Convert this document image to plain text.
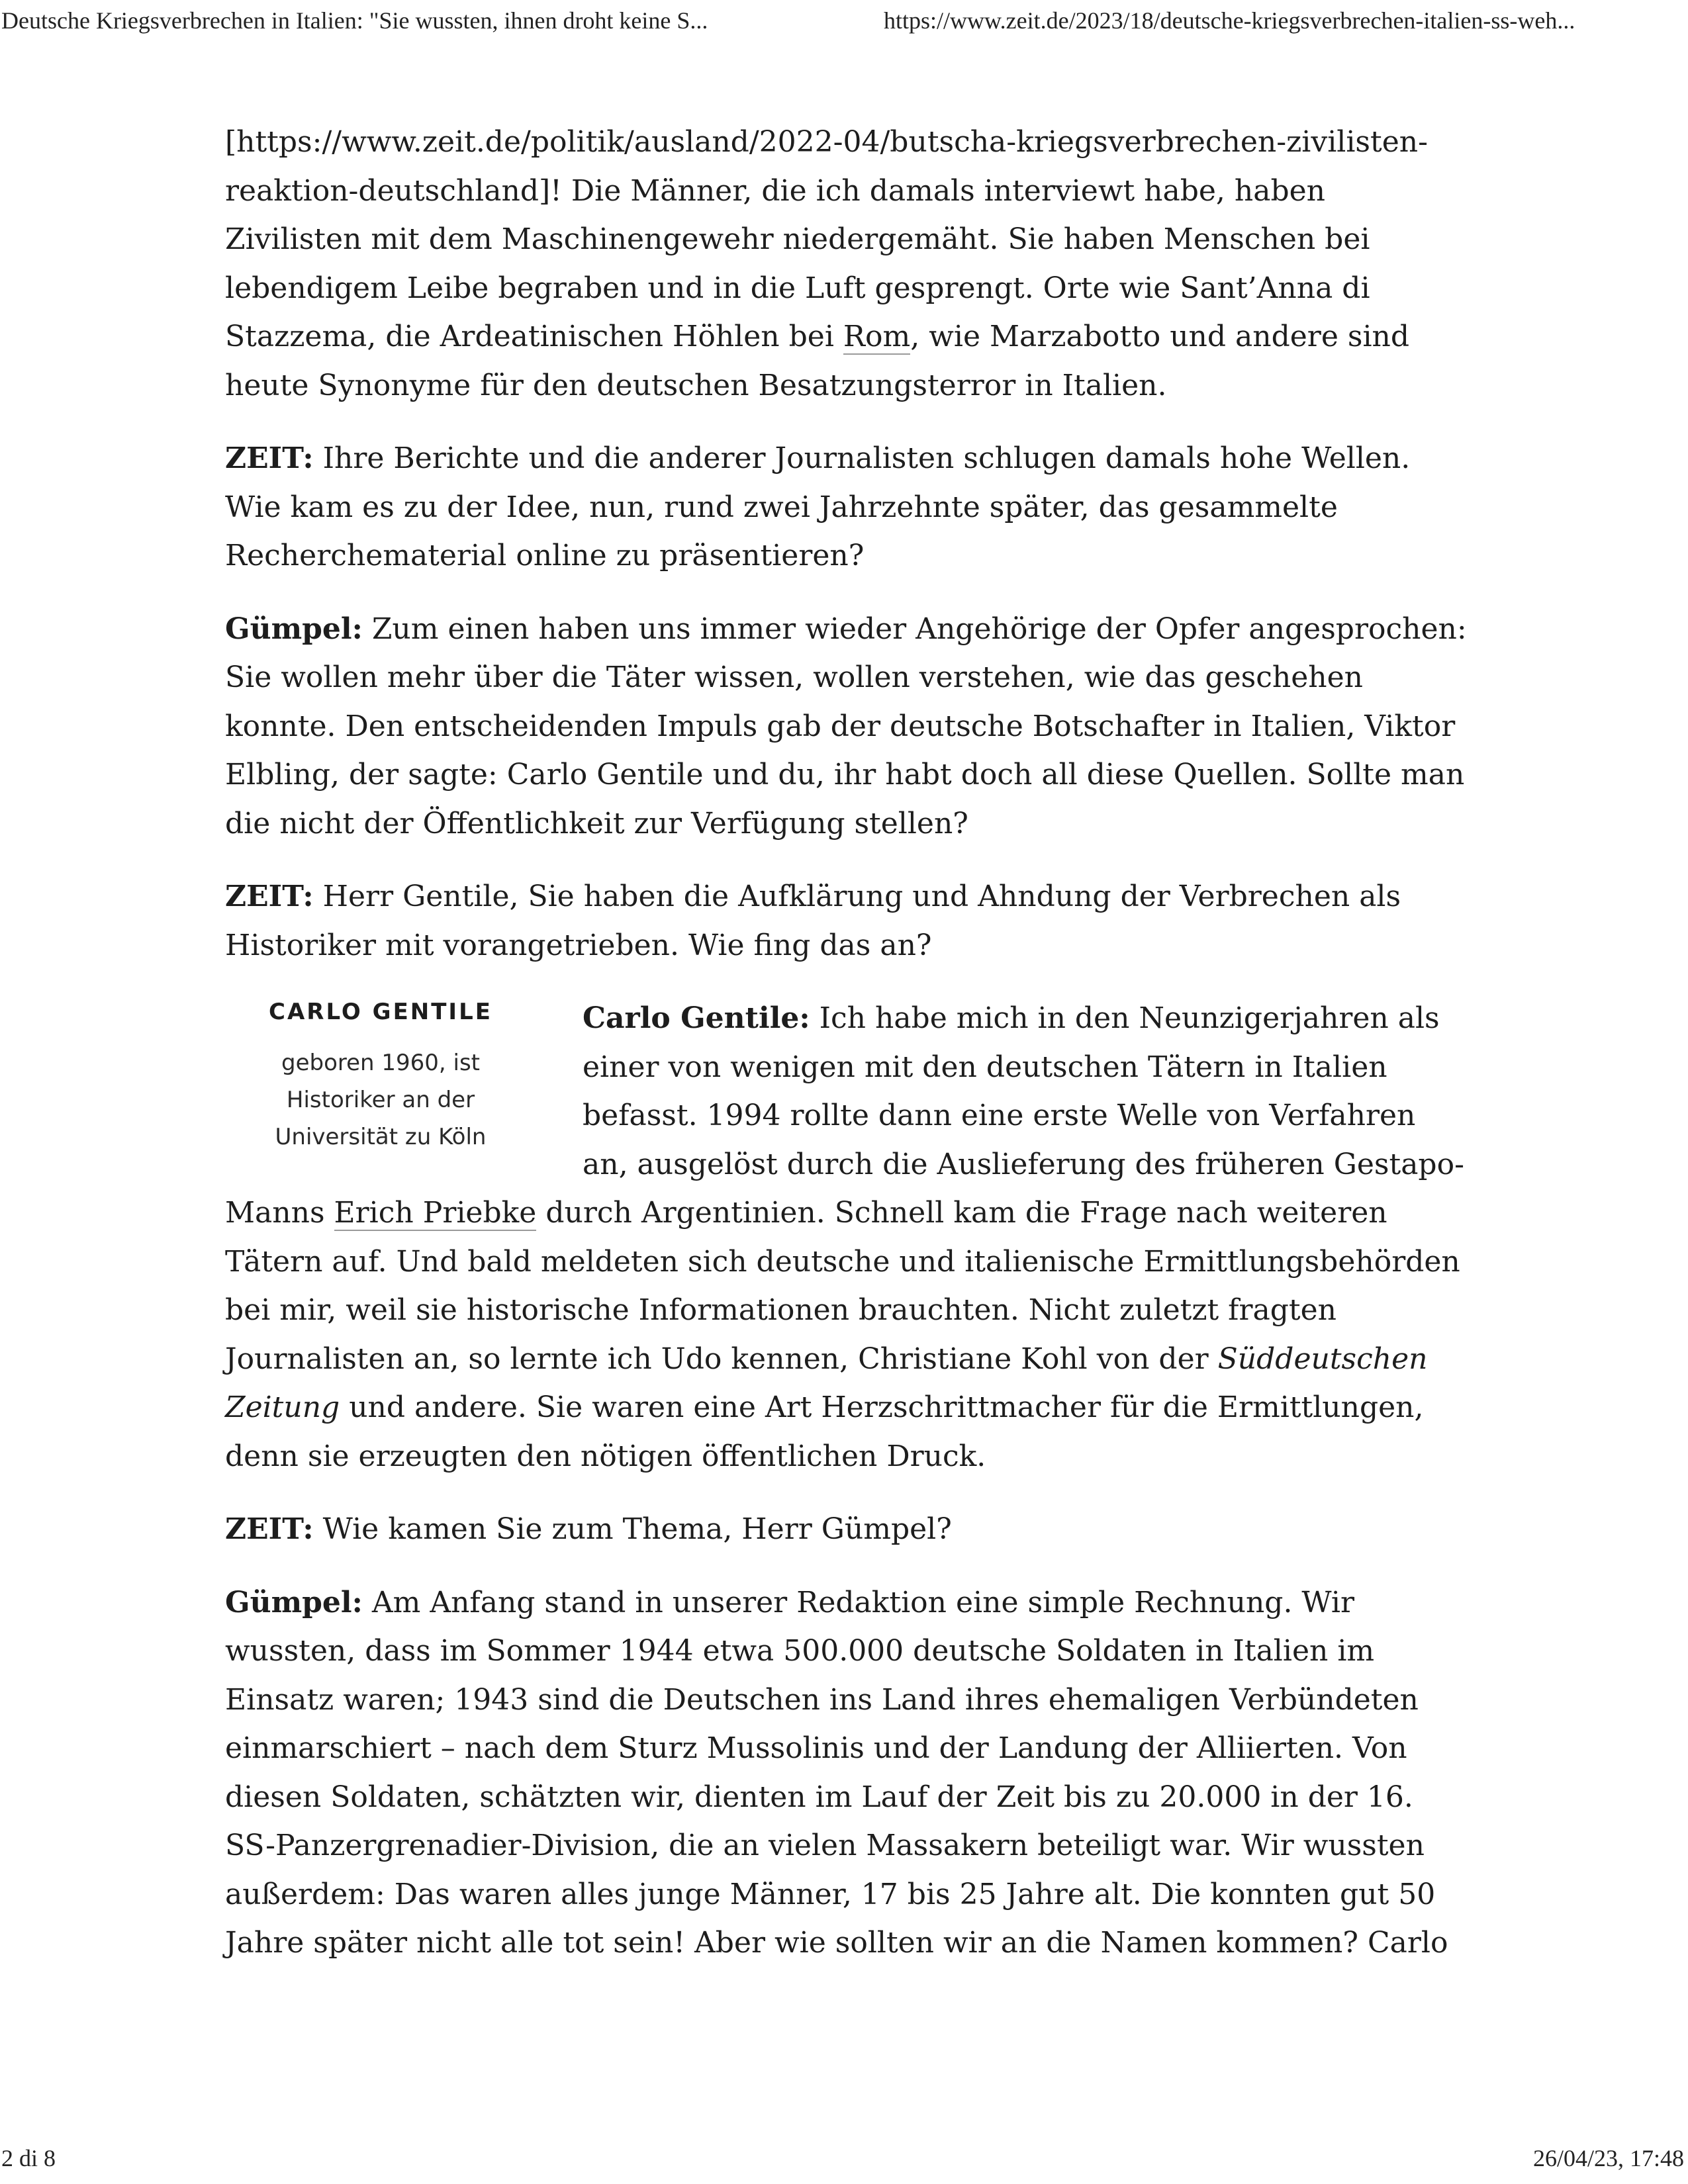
Deutsche Kriegsverbrechen in Italien: "Sie wussten, ihnen droht keine S...	https://www.zeit.de/2023/18/deutsche-kriegsverbrechen-italien-ss-weh...

[https://www.zeit.de/politik/ausland/2022-04/butscha-kriegsverbrechen-zivilisten-reaktion-deutschland]! Die Männer, die ich damals interviewt habe, haben Zivilisten mit dem Maschinengewehr niedergemäht. Sie haben Menschen bei lebendigem Leibe begraben und in die Luft gesprengt. Orte wie Sant’Anna di Stazzema, die Ardeatinischen Höhlen bei Rom, wie Marzabotto und andere sind heute Synonyme für den deutschen Besatzungsterror in Italien.

ZEIT: Ihre Berichte und die anderer Journalisten schlugen damals hohe Wellen. Wie kam es zu der Idee, nun, rund zwei Jahrzehnte später, das gesammelte Recherchematerial online zu präsentieren?

Gümpel: Zum einen haben uns immer wieder Angehörige der Opfer angesprochen: Sie wollen mehr über die Täter wissen, wollen verstehen, wie das geschehen konnte. Den entscheidenden Impuls gab der deutsche Botschafter in Italien, Viktor Elbling, der sagte: Carlo Gentile und du, ihr habt doch all diese Quellen. Sollte man die nicht der Öffentlichkeit zur Verfügung stellen?

ZEIT: Herr Gentile, Sie haben die Aufklärung und Ahndung der Verbrechen als Historiker mit vorangetrieben. Wie fing das an?

CARLO GENTILE
geboren 1960, ist Historiker an der Universität zu Köln

Carlo Gentile: Ich habe mich in den Neunzigerjahren als einer von wenigen mit den deutschen Tätern in Italien befasst. 1994 rollte dann eine erste Welle von Verfahren an, ausgelöst durch die Auslieferung des früheren Gestapo-Manns Erich Priebke durch Argentinien. Schnell kam die Frage nach weiteren Tätern auf. Und bald meldeten sich deutsche und italienische Ermittlungsbehörden bei mir, weil sie historische Informationen brauchten. Nicht zuletzt fragten Journalisten an, so lernte ich Udo kennen, Christiane Kohl von der Süddeutschen Zeitung und andere. Sie waren eine Art Herzschrittmacher für die Ermittlungen, denn sie erzeugten den nötigen öffentlichen Druck.

ZEIT: Wie kamen Sie zum Thema, Herr Gümpel?

Gümpel: Am Anfang stand in unserer Redaktion eine simple Rechnung. Wir wussten, dass im Sommer 1944 etwa 500.000 deutsche Soldaten in Italien im Einsatz waren; 1943 sind die Deutschen ins Land ihres ehemaligen Verbündeten einmarschiert – nach dem Sturz Mussolinis und der Landung der Alliierten. Von diesen Soldaten, schätzten wir, dienten im Lauf der Zeit bis zu 20.000 in der 16. SS-Panzergrenadier-Division, die an vielen Massakern beteiligt war. Wir wussten außerdem: Das waren alles junge Männer, 17 bis 25 Jahre alt. Die konnten gut 50 Jahre später nicht alle tot sein! Aber wie sollten wir an die Namen kommen? Carlo

2 di 8	26/04/23, 17:48
